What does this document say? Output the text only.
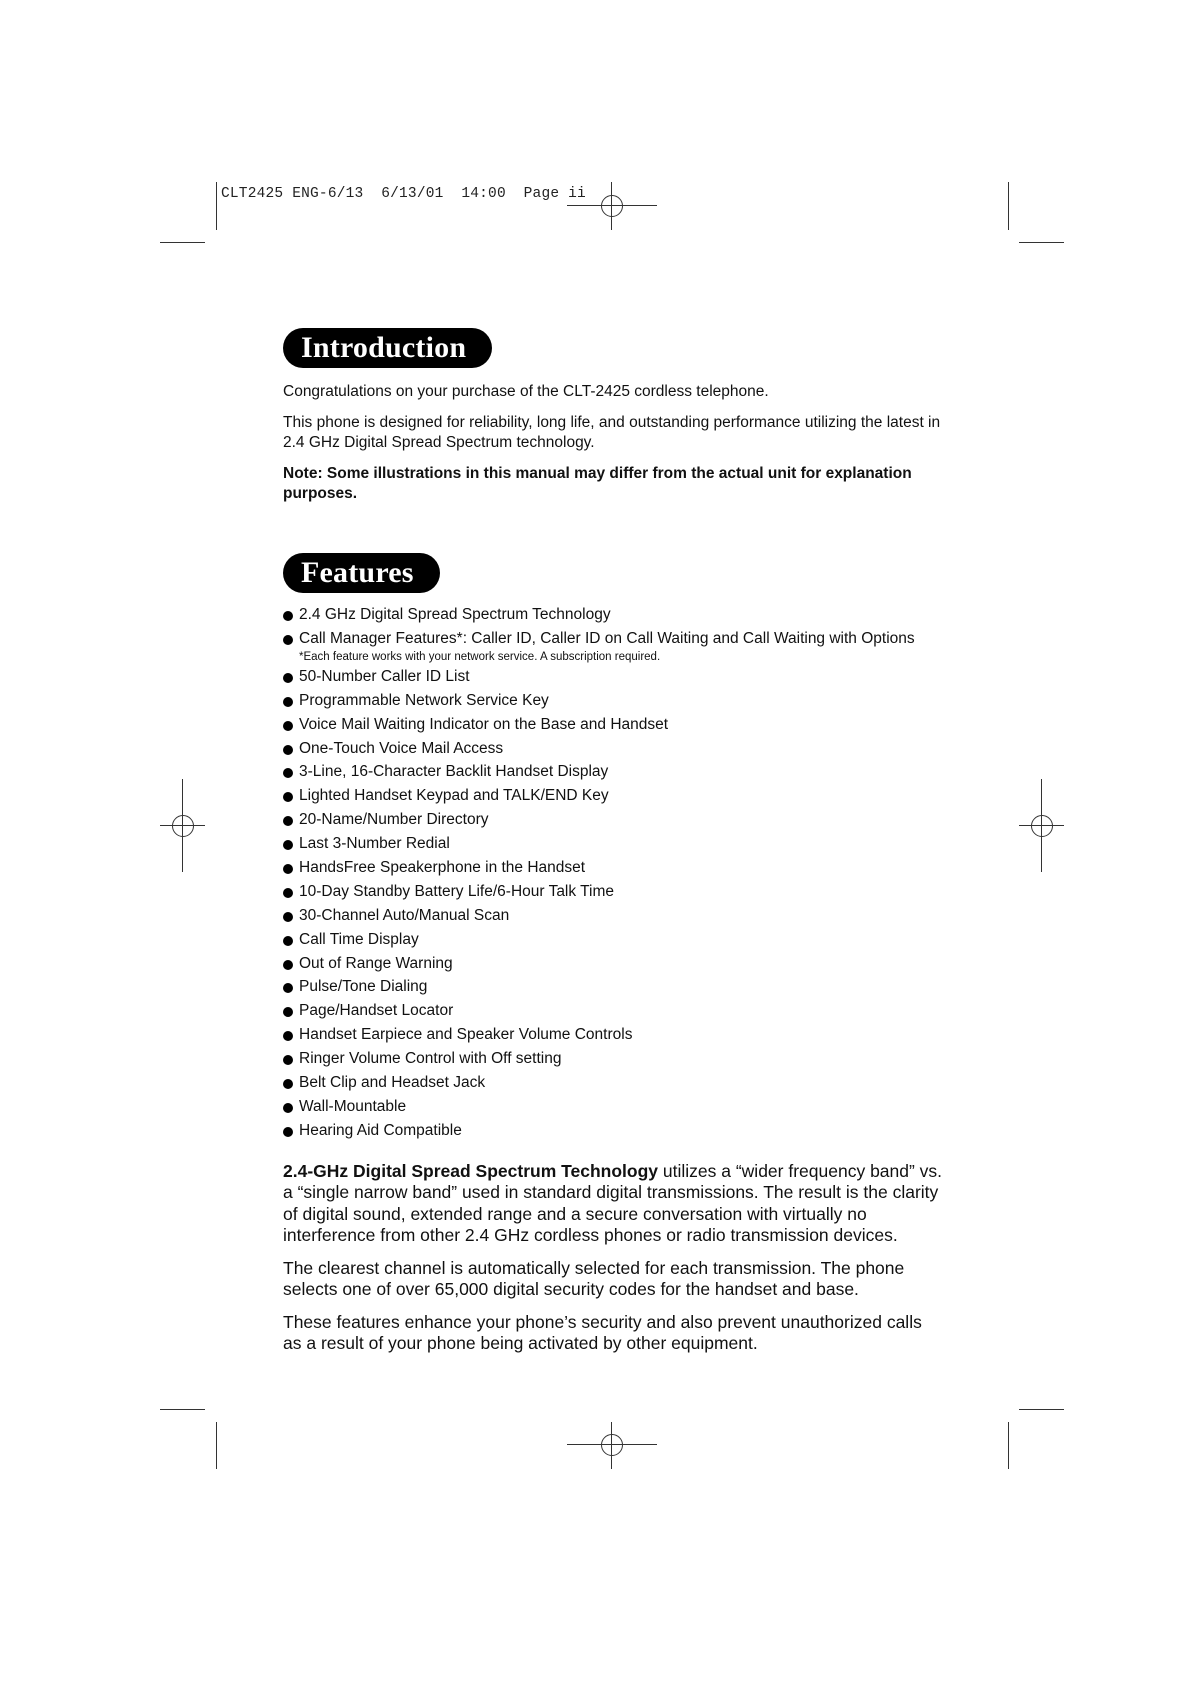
CLT2425 ENG-6/13  6/13/01  14:00  Page ii
Introduction

Congratulations on your purchase of the CLT-2425 cordless telephone.

This phone is designed for reliability, long life, and outstanding performance utilizing the latest in 2.4 GHz Digital Spread Spectrum technology.

Note: Some illustrations in this manual may differ from the actual unit for explanation purposes.

Features
2.4 GHz Digital Spread Spectrum Technology
Call Manager Features*: Caller ID, Caller ID on Call Waiting and Call Waiting with Options
*Each feature works with your network service. A subscription required.
50-Number Caller ID List
Programmable Network Service Key
Voice Mail Waiting Indicator on the Base and Handset
One-Touch Voice Mail Access
3-Line, 16-Character Backlit Handset Display
Lighted Handset Keypad and TALK/END Key
20-Name/Number Directory
Last 3-Number Redial
HandsFree Speakerphone in the Handset
10-Day Standby Battery Life/6-Hour Talk Time
30-Channel Auto/Manual Scan
Call Time Display
Out of Range Warning
Pulse/Tone Dialing
Page/Handset Locator
Handset Earpiece and Speaker Volume Controls
Ringer Volume Control with Off setting
Belt Clip and Headset Jack
Wall-Mountable
Hearing Aid Compatible

2.4-GHz Digital Spread Spectrum Technology utilizes a “wider frequency band” vs. a “single narrow band” used in standard digital transmissions. The result is the clarity of digital sound, extended range and a secure conversation with virtually no interference from other 2.4 GHz cordless phones or radio transmission devices.

The clearest channel is automatically selected for each transmission. The phone selects one of over 65,000 digital security codes for the handset and base.

These features enhance your phone’s security and also prevent unauthorized calls as a result of your phone being activated by other equipment.
